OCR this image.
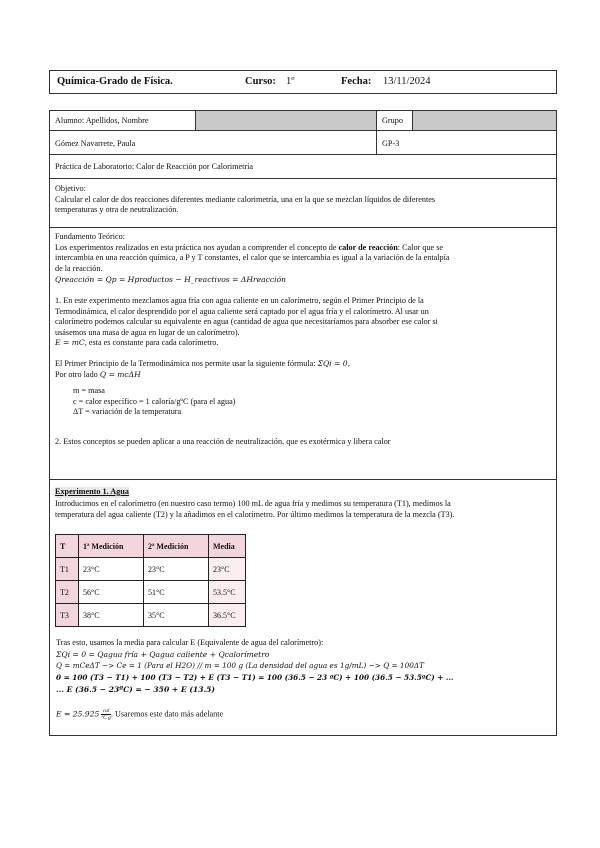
Química-Grado de Física.	Curso: 1º	Fecha: 13/11/2024
Alumno: Apellidos, Nombre	Grupo
Gómez Navarrete, Paula	GP-3
Práctica de Laboratorio: Calor de Reacción por Calorimetría
Objetivo:
Calcular el calor de dos reacciones diferentes mediante calorimetría, una en la que se mezclan líquidos de diferentes
temperaturas y otra de neutralización.
Fundamento Teórico:
Los experimentos realizados en esta práctica nos ayudan a comprender el concepto de calor de reacción: Calor que se
intercambia en una reacción química, a P y T constantes, el calor que se intercambia es igual a la variación de la entalpía
de la reacción.
Qreacción = Qp = Hproductos − H_reactivos = ΔHreacción
1. En este experimento mezclamos agua fría con agua caliente en un calorímetro, según el Primer Principio de la
Termodinámica, el calor desprendido por el agua caliente será captado por el agua fría y el calorímetro. Al usar un
calorímetro podemos calcular su equivalente en agua (cantidad de agua que necesitaríamos para absorber ese calor si
usásemos una masa de agua en lugar de un calorímetro).
E = mC, esta es constante para cada calorímetro.
El Primer Principio de la Termodinámica nos permite usar la siguiente fórmula: ΣQi = 0,
Por otro lado Q = mcΔH
m = masa
c = calor específico = 1 caloría/gºC (para el agua)
ΔT = variación de la temperatura
2. Estos conceptos se pueden aplicar a una reacción de neutralización, que es exotérmica y libera calor
Experimento 1. Agua
Introducimos en el calorímetro (en nuestro caso termo) 100 mL de agua fría y medimos su temperatura (T1), medimos la
temperatura del agua caliente (T2) y la añadimos en el calorímetro. Por último medimos la temperatura de la mezcla (T3).
T	1ª Medición	2ª Medición	Media
T1	23°C	23°C	23°C
T2	56°C	51°C	53.5°C
T3	38°C	35°C	36.5°C
Tras esto, usamos la media para calcular E (Equivalente de agua del calorímetro):
ΣQi = 0 = Qagua fría + Qagua caliente + Qcalorímetro
Q = mCeΔT −> Ce = 1 (Para el H2O) // m = 100 g (La densidad del agua es 1g/mL) −> Q = 100ΔT
0 = 100 (T3 − T1) + 100 (T3 − T2) + E (T3 − T1) = 100 (36.5 − 23 ºC) + 100 (36.5 − 53.5ºC) + ...
... E (36.5 − 23ºC) = − 350 + E (13.5)
E = 25.925 cal
ºC g . Usaremos este dato más adelante
